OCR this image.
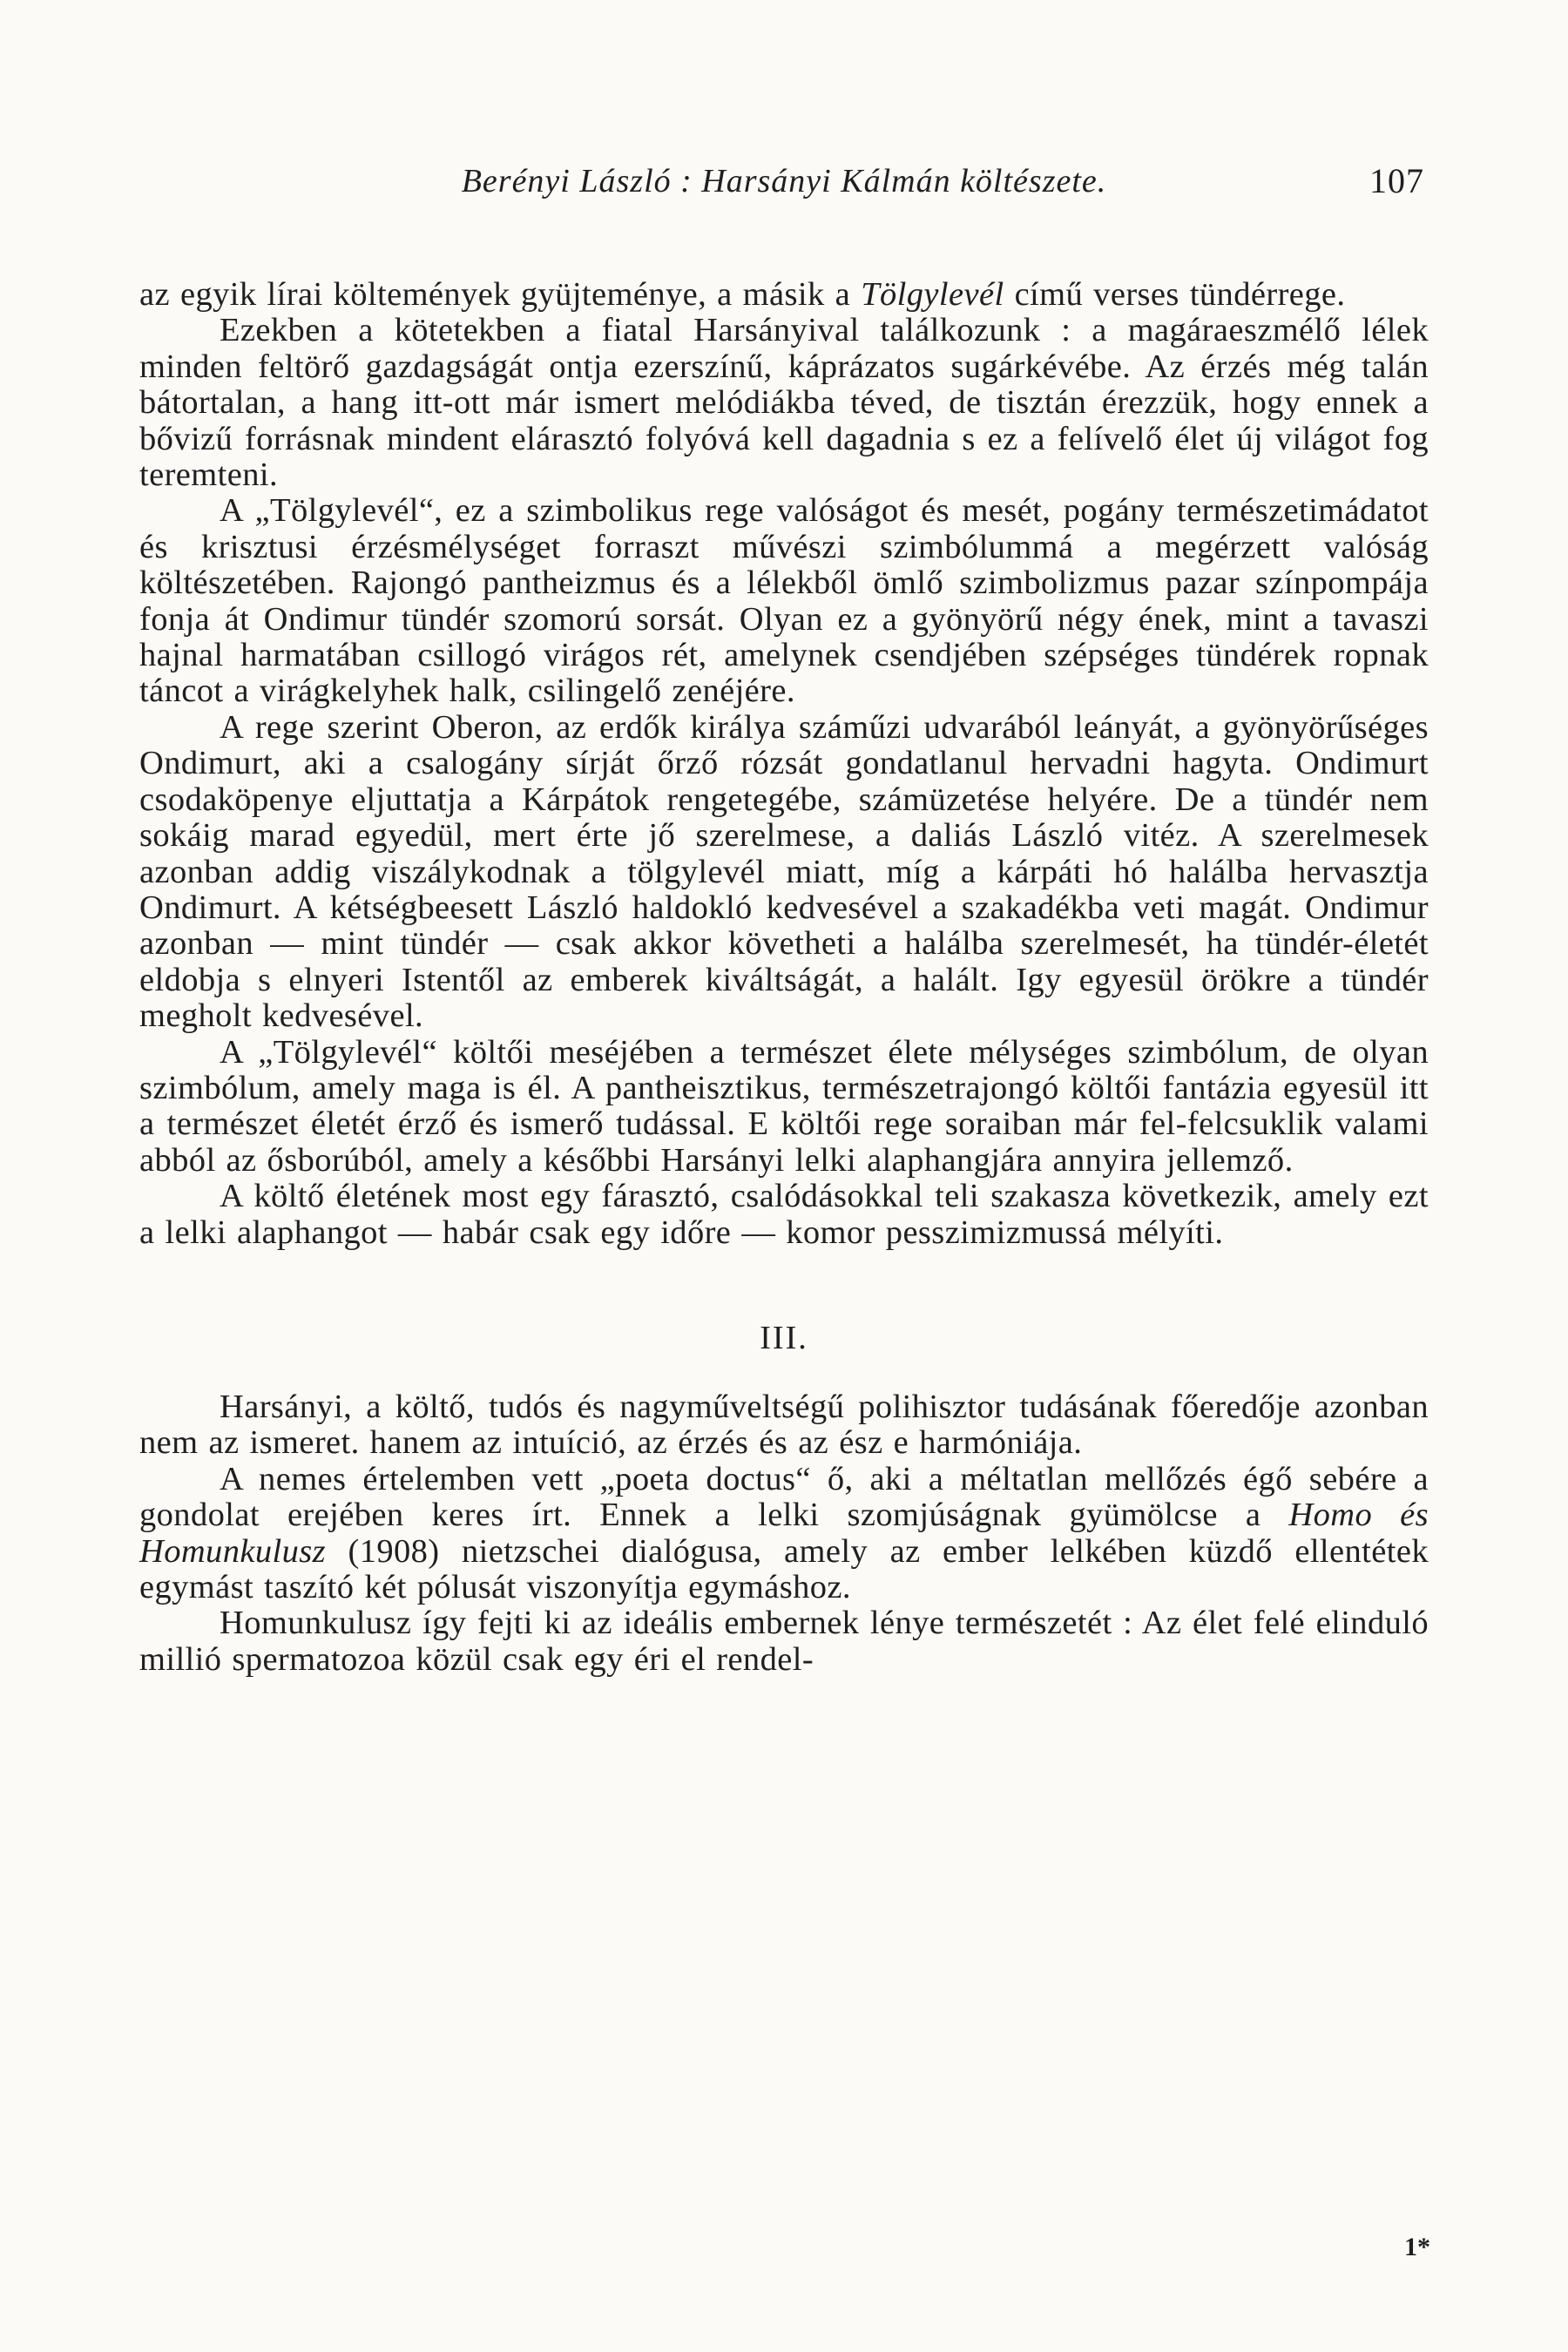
Berényi László : Harsányi Kálmán költészete.	107

az egyik lírai költemények gyüjteménye, a másik a Tölgylevél című verses tündérrege.

Ezekben a kötetekben a fiatal Harsányival találkozunk : a magáraeszmélő lélek minden feltörő gazdagságát ontja ezerszínű, káprázatos sugárkévébe. Az érzés még talán bátortalan, a hang itt-ott már ismert melódiákba téved, de tisztán érezzük, hogy ennek a bővizű forrásnak mindent elárasztó folyóvá kell dagadnia s ez a felívelő élet új világot fog teremteni.

A „Tölgylevél“, ez a szimbolikus rege valóságot és mesét, pogány természetimádatot és krisztusi érzésmélységet forraszt művészi szimbólummá a megérzett valóság költészetében. Rajongó pantheizmus és a lélekből ömlő szimbolizmus pazar színpompája fonja át Ondimur tündér szomorú sorsát. Olyan ez a gyönyörű négy ének, mint a tavaszi hajnal harmatában csillogó virágos rét, amelynek csendjében szépséges tündérek ropnak táncot a virágkelyhek halk, csilingelő zenéjére.

A rege szerint Oberon, az erdők királya száműzi udvarából leányát, a gyönyörűséges Ondimurt, aki a csalogány sírját őrző rózsát gondatlanul hervadni hagyta. Ondimurt csodaköpenye eljuttatja a Kárpátok rengetegébe, számüzetése helyére. De a tündér nem sokáig marad egyedül, mert érte jő szerelmese, a daliás László vitéz. A szerelmesek azonban addig viszálykodnak a tölgylevél miatt, míg a kárpáti hó halálba hervasztja Ondimurt. A kétségbeesett László haldokló kedvesével a szakadékba veti magát. Ondimur azonban — mint tündér — csak akkor követheti a halálba szerelmesét, ha tündér-életét eldobja s elnyeri Istentől az emberek kiváltságát, a halált. Igy egyesül örökre a tündér megholt kedvesével.

A „Tölgylevél“ költői meséjében a természet élete mélységes szimbólum, de olyan szimbólum, amely maga is él. A pantheisztikus, természetrajongó költői fantázia egyesül itt a természet életét érző és ismerő tudással. E költői rege soraiban már fel-felcsuklik valami abból az ősborúból, amely a későbbi Harsányi lelki alaphangjára annyira jellemző.

A költő életének most egy fárasztó, csalódásokkal teli szakasza következik, amely ezt a lelki alaphangot — habár csak egy időre — komor pesszimizmussá mélyíti.

III.

Harsányi, a költő, tudós és nagyműveltségű polihisztor tudásának főeredője azonban nem az ismeret. hanem az intuíció, az érzés és az ész e harmóniája.

A nemes értelemben vett „poeta doctus“ ő, aki a méltatlan mellőzés égő sebére a gondolat erejében keres írt. Ennek a lelki szomjúságnak gyümölcse a Homo és Homunkulusz (1908) nietzschei dialógusa, amely az ember lelkében küzdő ellentétek egymást taszító két pólusát viszonyítja egymáshoz.

Homunkulusz így fejti ki az ideális embernek lénye természetét : Az élet felé elinduló millió spermatozoa közül csak egy éri el rendel-

1*
